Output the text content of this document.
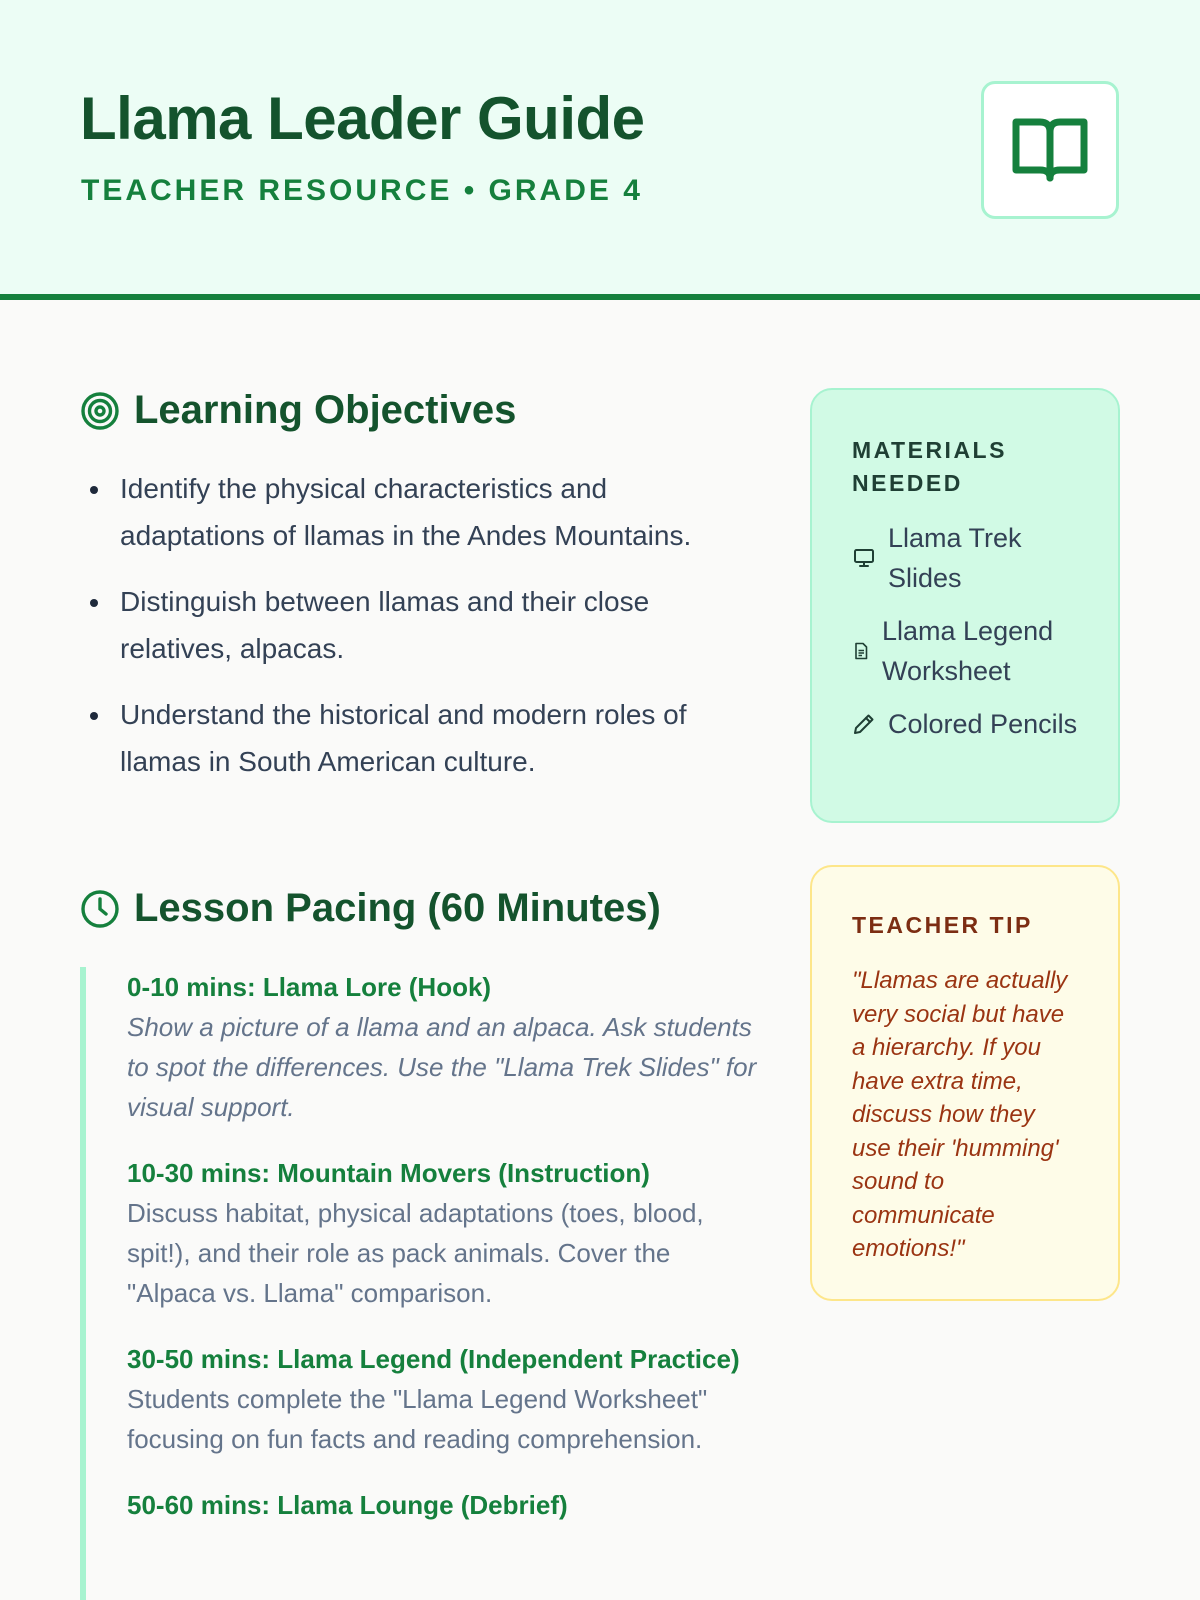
Llama Leader Guide
TEACHER RESOURCE • GRADE 4
Learning Objectives
Identify the physical characteristics and adaptations of llamas in the Andes Mountains.
Distinguish between llamas and their close relatives, alpacas.
Understand the historical and modern roles of llamas in South American culture.
Lesson Pacing (60 Minutes)
0-10 mins: Llama Lore (Hook)
Show a picture of a llama and an alpaca. Ask students to spot the differences. Use the "Llama Trek Slides" for visual support.
10-30 mins: Mountain Movers (Instruction)
Discuss habitat, physical adaptations (toes, blood, spit!), and their role as pack animals. Cover the "Alpaca vs. Llama" comparison.
30-50 mins: Llama Legend (Independent Practice)
Students complete the "Llama Legend Worksheet" focusing on fun facts and reading comprehension.
50-60 mins: Llama Lounge (Debrief)
MATERIALS NEEDED
Llama Trek Slides
Llama Legend Worksheet
Colored Pencils
TEACHER TIP

"Llamas are actually very social but have a hierarchy. If you have extra time, discuss how they use their 'humming' sound to communicate emotions!"
